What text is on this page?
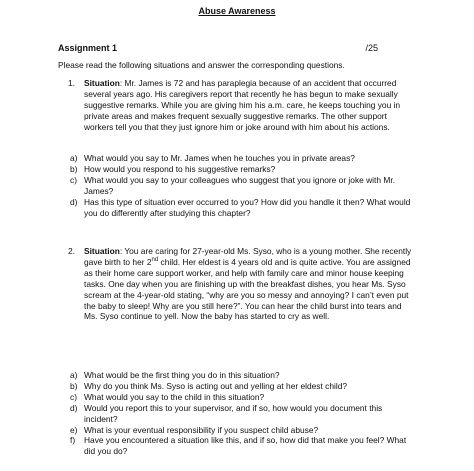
Abuse Awareness
Assignment 1	/25
Please read the following situations and answer the corresponding questions.
1. Situation: Mr. James is 72 and has paraplegia because of an accident that occurred several years ago. His caregivers report that recently he has begun to make sexually suggestive remarks. While you are giving him his a.m. care, he keeps touching you in private areas and makes frequent sexually suggestive remarks. The other support workers tell you that they just ignore him or joke around with him about his actions.
a) What would you say to Mr. James when he touches you in private areas?
b) How would you respond to his suggestive remarks?
c) What would you say to your colleagues who suggest that you ignore or joke with Mr. James?
d) Has this type of situation ever occurred to you? How did you handle it then? What would you do differently after studying this chapter?
2. Situation: You are caring for 27-year-old Ms. Syso, who is a young mother. She recently gave birth to her 2nd child. Her eldest is 4 years old and is quite active. You are assigned as their home care support worker, and help with family care and minor house keeping tasks. One day when you are finishing up with the breakfast dishes, you hear Ms. Syso scream at the 4-year-old stating, “why are you so messy and annoying? I can’t even put the baby to sleep! Why are you still here?”. You can hear the child burst into tears and Ms. Syso continue to yell. Now the baby has started to cry as well.
a) What would be the first thing you do in this situation?
b) Why do you think Ms. Syso is acting out and yelling at her eldest child?
c) What would you say to the child in this situation?
d) Would you report this to your supervisor, and if so, how would you document this incident?
e) What is your eventual responsibility if you suspect child abuse?
f) Have you encountered a situation like this, and if so, how did that make you feel? What did you do?
